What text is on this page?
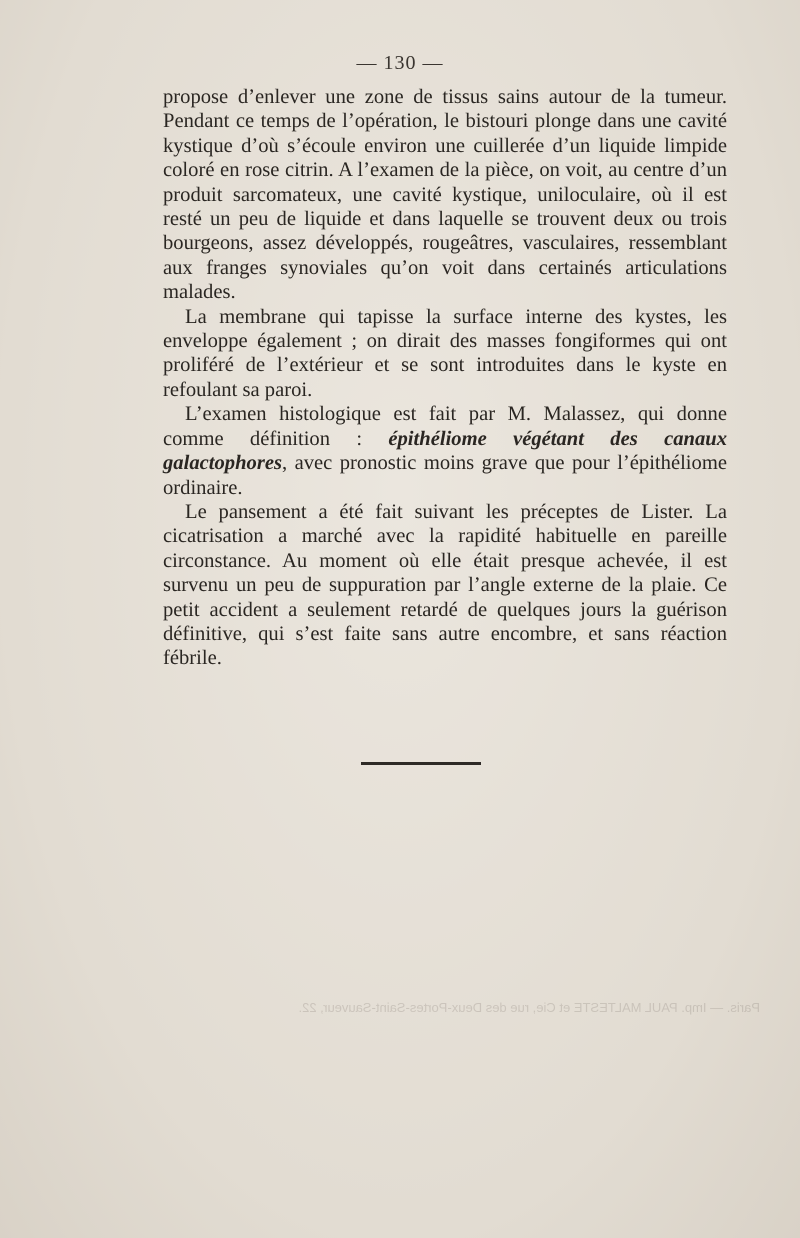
— 130 —

propose d’enlever une zone de tissus sains autour de la tumeur. Pendant ce temps de l’opération, le bistouri plonge dans une cavité kystique d’où s’écoule environ une cuillerée d’un liquide limpide coloré en rose citrin. A l’examen de la pièce, on voit, au centre d’un produit sarcomateux, une cavité kystique, uniloculaire, où il est resté un peu de liquide et dans laquelle se trouvent deux ou trois bourgeons, assez développés, rougeâtres, vasculaires, ressemblant aux franges synoviales qu’on voit dans certainés articulations malades.

La membrane qui tapisse la surface interne des kystes, les enveloppe également ; on dirait des masses fongiformes qui ont proliféré de l’extérieur et se sont introduites dans le kyste en refoulant sa paroi.

L’examen histologique est fait par M. Malassez, qui donne comme définition : épithéliome végétant des canaux galactophores, avec pronostic moins grave que pour l’épithéliome ordinaire.

Le pansement a été fait suivant les préceptes de Lister. La cicatrisation a marché avec la rapidité habituelle en pareille circonstance. Au moment où elle était presque achevée, il est survenu un peu de suppuration par l’angle externe de la plaie. Ce petit accident a seulement retardé de quelques jours la guérison définitive, qui s’est faite sans autre encombre, et sans réaction fébrile.

Paris. — Imp. PAUL MALTESTE et Cie, rue des Deux-Portes-Saint-Sauveur, 22.
